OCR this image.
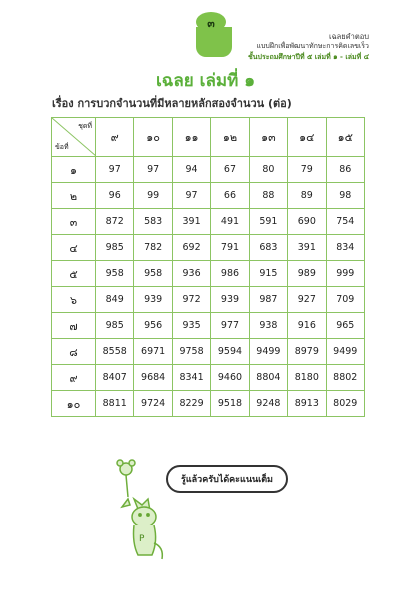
๓
เฉลยคำตอบ
แบบฝึกเพื่อพัฒนาทักษะการคิดเลขเร็ว
ชั้นประถมศึกษาปีที่ ๕ เล่มที่ ๑ - เล่มที่ ๔
เฉลย เล่มที่ ๑
เรื่อง การบวกจำนวนที่มีหลายหลักสองจำนวน (ต่อ)
ชุดที่
ข้อที่	๙	๑๐	๑๑	๑๒	๑๓	๑๔	๑๕
๑	97	97	94	67	80	79	86
๒	96	99	97	66	88	89	98
๓	872	583	391	491	591	690	754
๔	985	782	692	791	683	391	834
๕	958	958	936	986	915	989	999
๖	849	939	972	939	987	927	709
๗	985	956	935	977	938	916	965
๘	8558	6971	9758	9594	9499	8979	9499
๙	8407	9684	8341	9460	8804	8180	8802
๑๐	8811	9724	8229	9518	9248	8913	8029
P
รู้แล้วครับได้คะแนนเต็ม
